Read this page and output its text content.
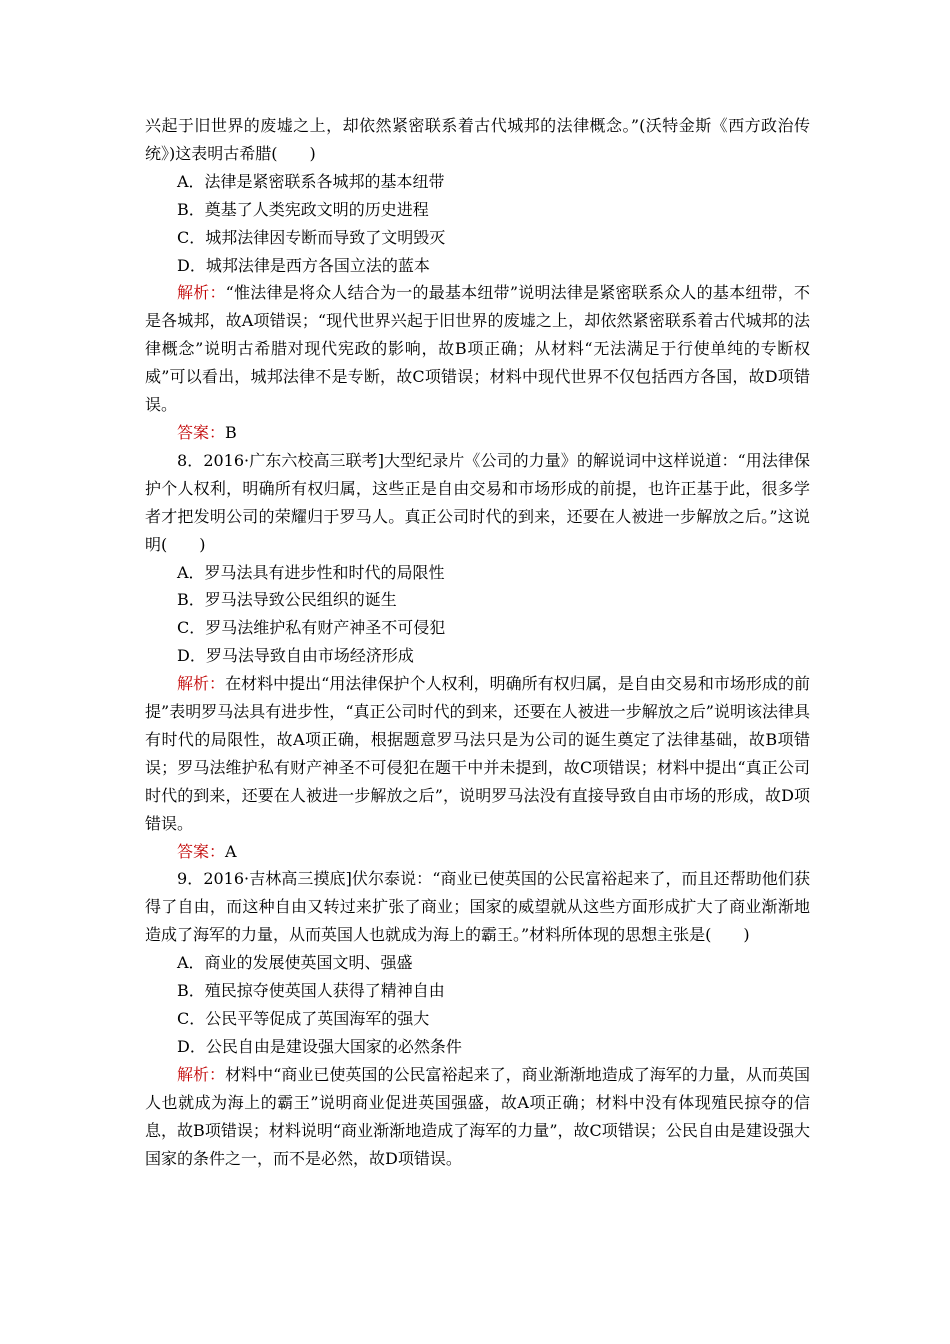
兴起于旧世界的废墟之上，却依然紧密联系着古代城邦的法律概念。”(沃特金斯《西方政治传统》)这表明古希腊(　　)

A．法律是紧密联系各城邦的基本纽带

B．奠基了人类宪政文明的历史进程

C．城邦法律因专断而导致了文明毁灭

D．城邦法律是西方各国立法的蓝本

解析：“惟法律是将众人结合为一的最基本纽带”说明法律是紧密联系众人的基本纽带，不是各城邦，故A项错误；“现代世界兴起于旧世界的废墟之上，却依然紧密联系着古代城邦的法律概念”说明古希腊对现代宪政的影响，故B项正确；从材料“无法满足于行使单纯的专断权威”可以看出，城邦法律不是专断，故C项错误；材料中现代世界不仅包括西方各国，故D项错误。

答案：B

8．2016·广东六校高三联考]大型纪录片《公司的力量》的解说词中这样说道：“用法律保护个人权利，明确所有权归属，这些正是自由交易和市场形成的前提，也许正基于此，很多学者才把发明公司的荣耀归于罗马人。真正公司时代的到来，还要在人被进一步解放之后。”这说明(　　)

A．罗马法具有进步性和时代的局限性

B．罗马法导致公民组织的诞生

C．罗马法维护私有财产神圣不可侵犯

D．罗马法导致自由市场经济形成

解析：在材料中提出“用法律保护个人权利，明确所有权归属，是自由交易和市场形成的前提”表明罗马法具有进步性，“真正公司时代的到来，还要在人被进一步解放之后”说明该法律具有时代的局限性，故A项正确，根据题意罗马法只是为公司的诞生奠定了法律基础，故B项错误；罗马法维护私有财产神圣不可侵犯在题干中并未提到，故C项错误；材料中提出“真正公司时代的到来，还要在人被进一步解放之后”，说明罗马法没有直接导致自由市场的形成，故D项错误。

答案：A

9．2016·吉林高三摸底]伏尔泰说：“商业已使英国的公民富裕起来了，而且还帮助他们获得了自由，而这种自由又转过来扩张了商业；国家的威望就从这些方面形成扩大了商业渐渐地造成了海军的力量，从而英国人也就成为海上的霸王。”材料所体现的思想主张是(　　)

A．商业的发展使英国文明、强盛

B．殖民掠夺使英国人获得了精神自由

C．公民平等促成了英国海军的强大

D．公民自由是建设强大国家的必然条件

解析：材料中“商业已使英国的公民富裕起来了，商业渐渐地造成了海军的力量，从而英国人也就成为海上的霸王”说明商业促进英国强盛，故A项正确；材料中没有体现殖民掠夺的信息，故B项错误；材料说明“商业渐渐地造成了海军的力量”，故C项错误；公民自由是建设强大国家的条件之一，而不是必然，故D项错误。
